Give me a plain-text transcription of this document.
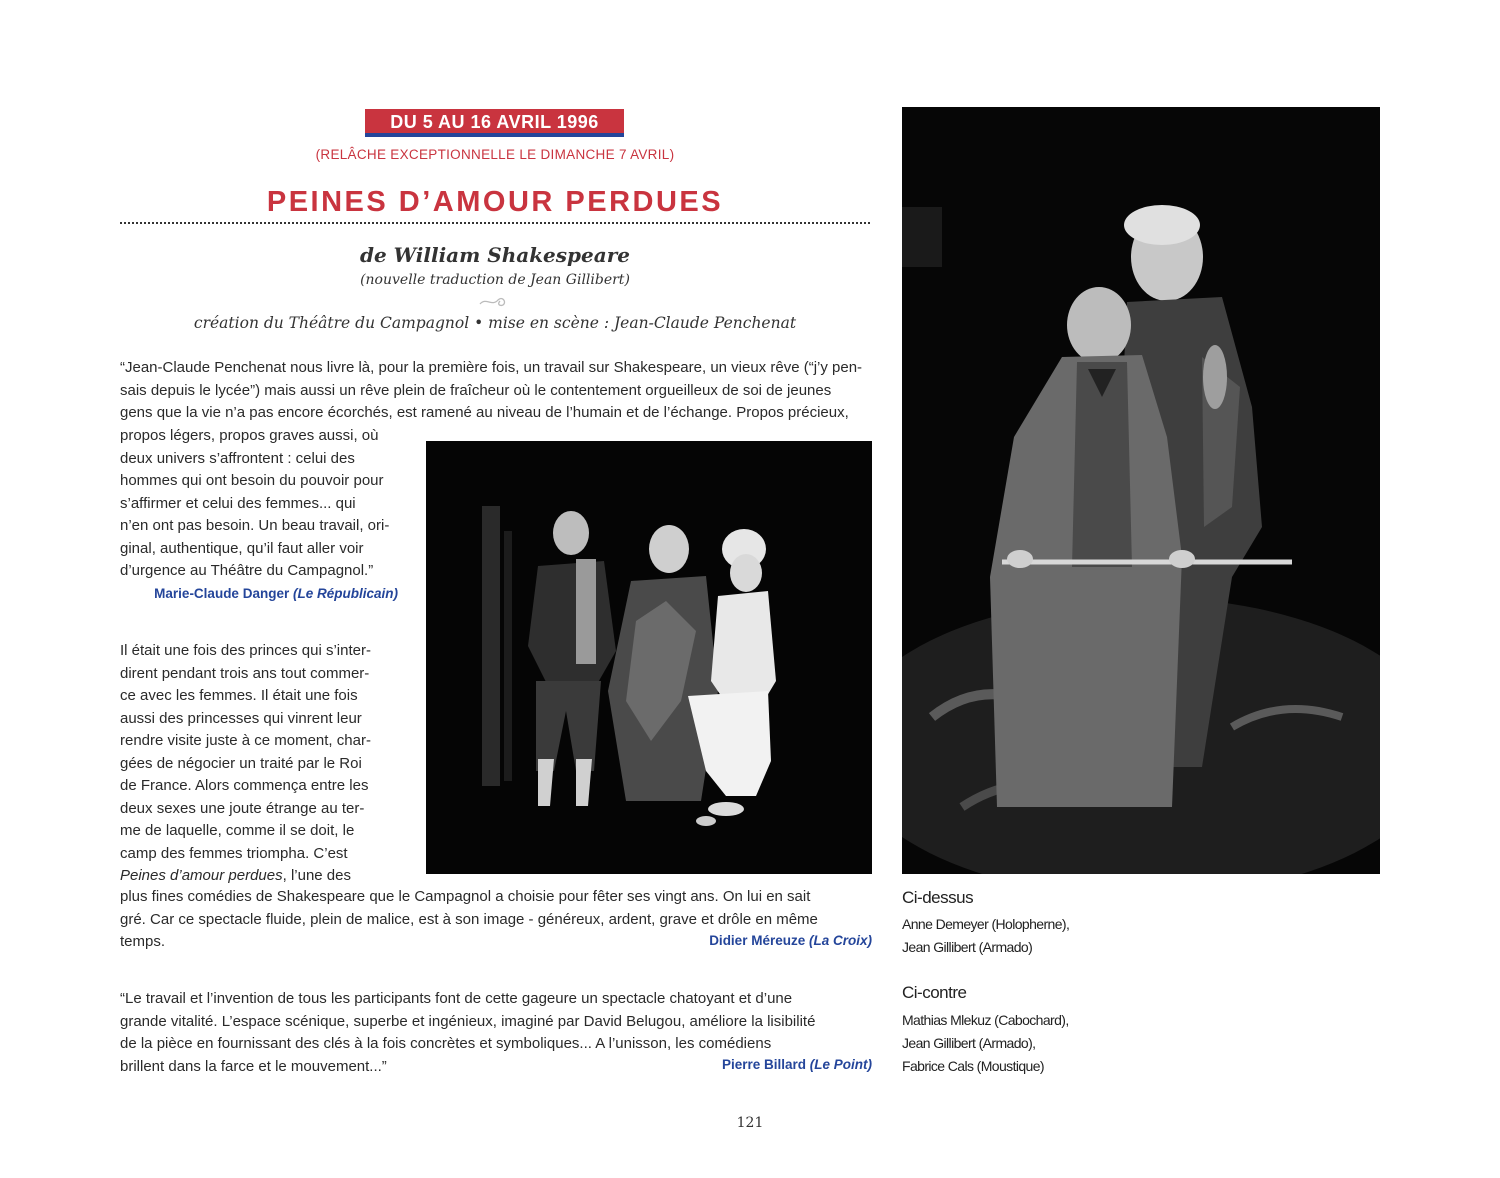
DU 5 AU 16 AVRIL 1996
(RELÂCHE EXCEPTIONNELLE LE DIMANCHE 7 AVRIL)
PEINES D’AMOUR PERDUES
de William Shakespeare
(nouvelle traduction de Jean Gillibert)
création du Théâtre du Campagnol • mise en scène : Jean-Claude Penchenat
“Jean-Claude Penchenat nous livre là, pour la première fois, un travail sur Shakespeare, un vieux rêve (“j’y pen-
sais depuis le lycée”) mais aussi un rêve plein de fraîcheur où le contentement orgueilleux de soi de jeunes
gens que la vie n’a pas encore écorchés, est ramené au niveau de l’humain et de l’échange. Propos précieux,
propos légers, propos graves aussi, où
deux univers s’affrontent : celui des
hommes qui ont besoin du pouvoir pour
s’affirmer et celui des femmes... qui
n’en ont pas besoin. Un beau travail, ori-
ginal, authentique, qu’il faut aller voir
d’urgence au Théâtre du Campagnol.”
Marie-Claude Danger (Le Républicain)
Il était une fois des princes qui s’inter-
dirent pendant trois ans tout commer-
ce avec les femmes. Il était une fois
aussi des princesses qui vinrent leur
rendre visite juste à ce moment, char-
gées de négocier un traité par le Roi
de France. Alors commença entre les
deux sexes une joute étrange au ter-
me de laquelle, comme il se doit, le
camp des femmes triompha. C’est
Peines d’amour perdues, l’une des
plus fines comédies de Shakespeare que le Campagnol a choisie pour fêter ses vingt ans. On lui en sait
gré. Car ce spectacle fluide, plein de malice, est à son image - généreux, ardent, grave et drôle en même
temps.	Didier Méreuze (La Croix)
“Le travail et l’invention de tous les participants font de cette gageure un spectacle chatoyant et d’une
grande vitalité. L’espace scénique, superbe et ingénieux, imaginé par David Belugou, améliore la lisibilité
de la pièce en fournissant des clés à la fois concrètes et symboliques... A l’unisson, les comédiens
brillent dans la farce et le mouvement...”	Pierre Billard (Le Point)
Ci-dessus
Anne Demeyer (Holopherne),
Jean Gillibert (Armado)
Ci-contre
Mathias Mlekuz (Cabochard),
Jean Gillibert (Armado),
Fabrice Cals (Moustique)
121
